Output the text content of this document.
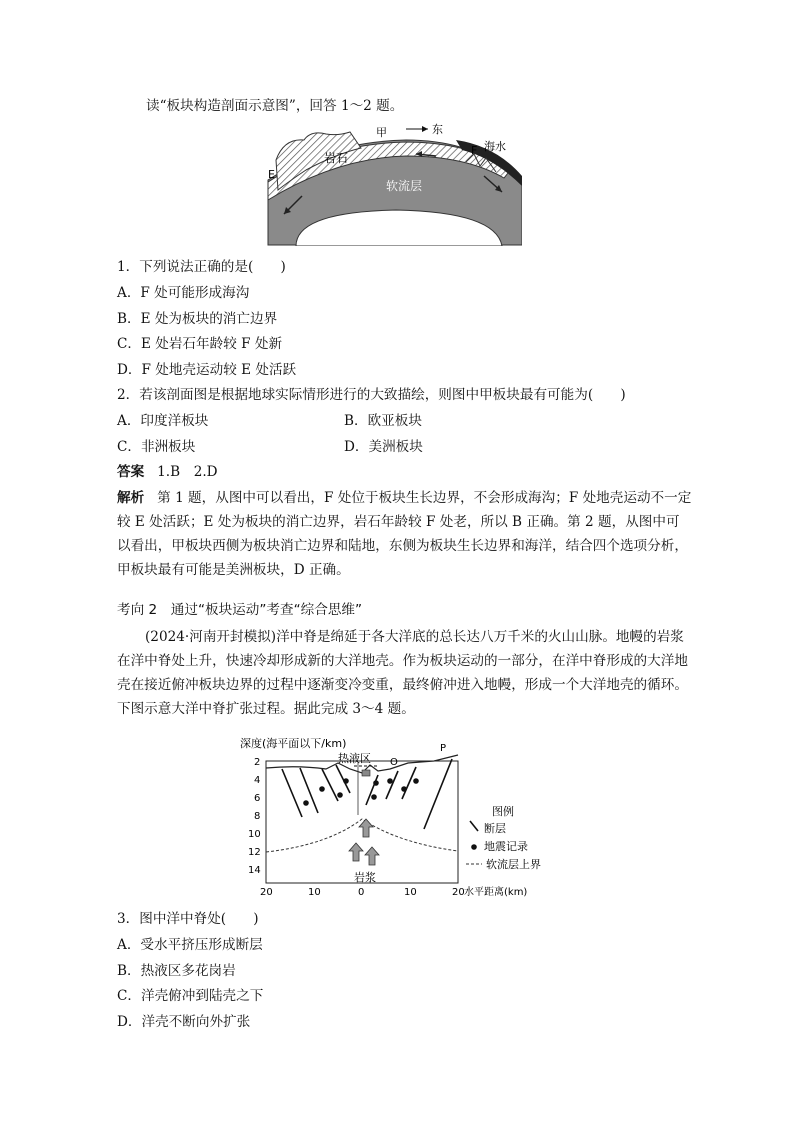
读“板块构造剖面示意图”，回答 1～2 题。
甲	东
岩石
海水
F
E
软流层
1．下列说法正确的是(　　)
A．F 处可能形成海沟
B．E 处为板块的消亡边界
C．E 处岩石年龄较 F 处新
D．F 处地壳运动较 E 处活跃
2．若该剖面图是根据地球实际情形进行的大致描绘，则图中甲板块最有可能为(　　)
A．印度洋板块	B．欧亚板块
C．非洲板块	D．美洲板块
答案 1.B　2.D
解析 第 1 题，从图中可以看出，F 处位于板块生长边界，不会形成海沟；F 处地壳运动不一定较 E 处活跃；E 处为板块的消亡边界，岩石年龄较 F 处老，所以 B 正确。第 2 题，从图中可以看出，甲板块西侧为板块消亡边界和陆地，东侧为板块生长边界和海洋，结合四个选项分析，甲板块最有可能是美洲板块，D 正确。
考向 2　通过“板块运动”考查“综合思维”
(2024·河南开封模拟)洋中脊是绵延于各大洋底的总长达八万千米的火山山脉。地幔的岩浆在洋中脊处上升，快速冷却形成新的大洋地壳。作为板块运动的一部分，在洋中脊形成的大洋地壳在接近俯冲板块边界的过程中逐渐变冷变重，最终俯冲进入地幔，形成一个大洋地壳的循环。下图示意大洋中脊扩张过程。据此完成 3～4 题。
深度(海平面以下/km)
2
4
6
8
10
12
14
20	10	0	10	20 水平距离(km)
热液区 O
P
岩浆
图例
断层
地震记录
软流层上界
3．图中洋中脊处(　　)
A．受水平挤压形成断层
B．热液区多花岗岩
C．洋壳俯冲到陆壳之下
D．洋壳不断向外扩张
